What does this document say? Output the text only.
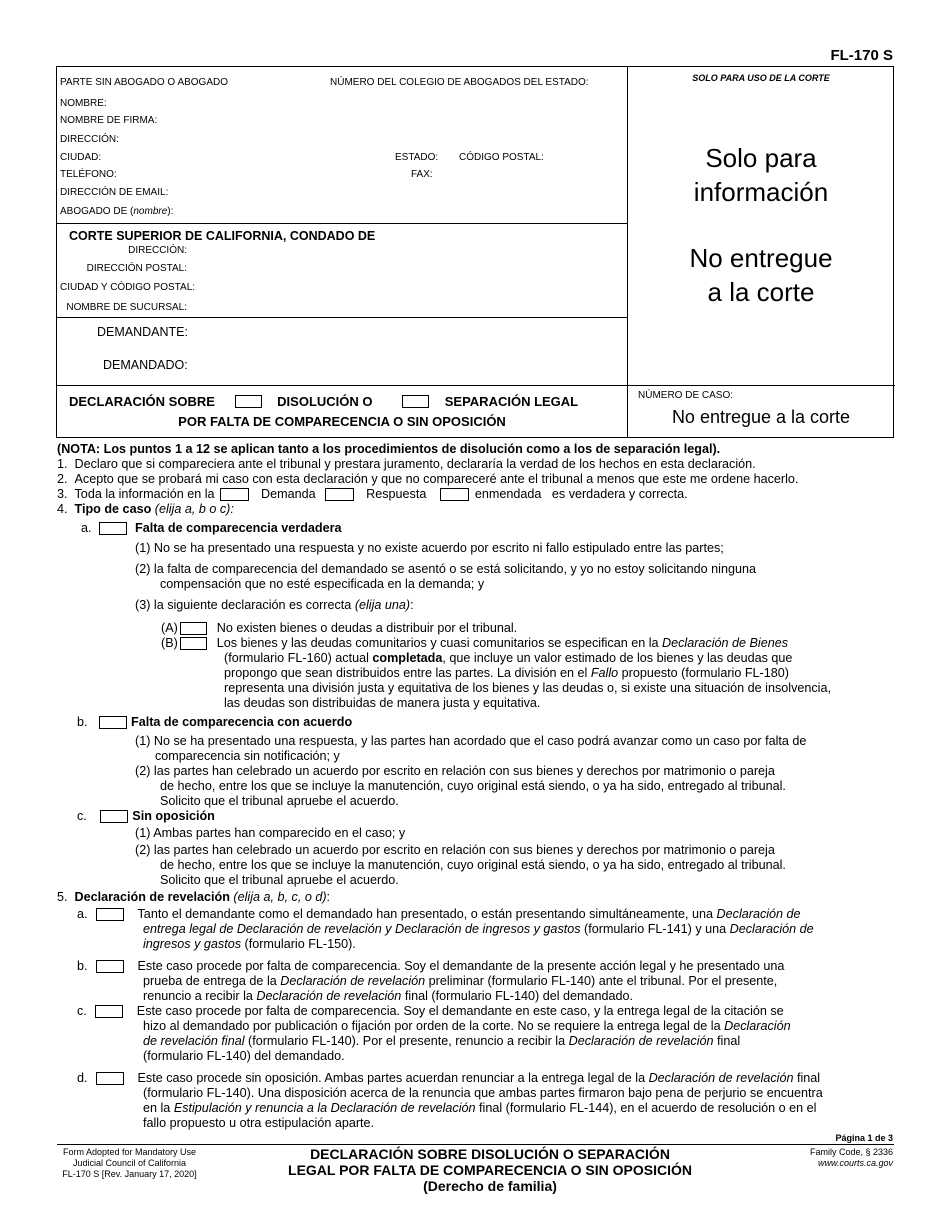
FL-170 S
PARTE SIN ABOGADO O ABOGADO	NÚMERO DEL COLEGIO DE ABOGADOS DEL ESTADO:	SOLO PARA USO DE LA CORTE
NOMBRE:
NOMBRE DE FIRMA:
DIRECCIÓN:
CIUDAD:	ESTADO: CÓDIGO POSTAL:
TELÉFONO:	FAX:
DIRECCIÓN DE EMAIL:
ABOGADO DE (nombre):
Solo para
información
No entregue
a la corte
CORTE SUPERIOR DE CALIFORNIA, CONDADO DE
DIRECCIÓN:
DIRECCIÓN POSTAL:
CIUDAD Y CÓDIGO POSTAL:
NOMBRE DE SUCURSAL:
DEMANDANTE:
DEMANDADO:
DECLARACIÓN SOBRE	DISOLUCIÓN O	SEPARACIÓN LEGAL
POR FALTA DE COMPARECENCIA O SIN OPOSICIÓN
NÚMERO DE CASO:
No entregue a la corte
(NOTA: Los puntos 1 a 12 se aplican tanto a los procedimientos de disolución como a los de separación legal).
1. Declaro que si compareciera ante el tribunal y prestara juramento, declararía la verdad de los hechos en esta declaración.
2. Acepto que se probará mi caso con esta declaración y que no compareceré ante el tribunal a menos que este me ordene hacerlo.
3. Toda la información en la	Demanda	Respuesta	enmendada es verdadera y correcta.
4. Tipo de caso (elija a, b o c):
a.	Falta de comparecencia verdadera
(1) No se ha presentado una respuesta y no existe acuerdo por escrito ni fallo estipulado entre las partes;
(2) la falta de comparecencia del demandado se asentó o se está solicitando, y yo no estoy solicitando ninguna
compensación que no esté especificada en la demanda; y
(3) la siguiente declaración es correcta (elija una):
(A)	No existen bienes o deudas a distribuir por el tribunal.
(B)	Los bienes y las deudas comunitarios y cuasi comunitarios se especifican en la Declaración de Bienes
(formulario FL-160) actual completada, que incluye un valor estimado de los bienes y las deudas que
propongo que sean distribuidos entre las partes. La división en el Fallo propuesto (formulario FL-180)
representa una división justa y equitativa de los bienes y las deudas o, si existe una situación de insolvencia,
las deudas son distribuidas de manera justa y equitativa.
b.	Falta de comparecencia con acuerdo
(1) No se ha presentado una respuesta, y las partes han acordado que el caso podrá avanzar como un caso por falta de
comparecencia sin notificación; y
(2) las partes han celebrado un acuerdo por escrito en relación con sus bienes y derechos por matrimonio o pareja
de hecho, entre los que se incluye la manutención, cuyo original está siendo, o ya ha sido, entregado al tribunal.
Solicito que el tribunal apruebe el acuerdo.
c.	Sin oposición
(1) Ambas partes han comparecido en el caso; y
(2) las partes han celebrado un acuerdo por escrito en relación con sus bienes y derechos por matrimonio o pareja
de hecho, entre los que se incluye la manutención, cuyo original está siendo, o ya ha sido, entregado al tribunal.
Solicito que el tribunal apruebe el acuerdo.
5. Declaración de revelación (elija a, b, c, o d):
a.	Tanto el demandante como el demandado han presentado, o están presentando simultáneamente, una Declaración de
entrega legal de Declaración de revelación y Declaración de ingresos y gastos (formulario FL-141) y una Declaración de
ingresos y gastos (formulario FL-150).
b.	Este caso procede por falta de comparecencia. Soy el demandante de la presente acción legal y he presentado una
prueba de entrega de la Declaración de revelación preliminar (formulario FL-140) ante el tribunal. Por el presente,
renuncio a recibir la Declaración de revelación final (formulario FL-140) del demandado.
c.	Este caso procede por falta de comparecencia. Soy el demandante en este caso, y la entrega legal de la citación se
hizo al demandado por publicación o fijación por orden de la corte. No se requiere la entrega legal de la Declaración
de revelación final (formulario FL-140). Por el presente, renuncio a recibir la Declaración de revelación final
(formulario FL-140) del demandado.
d.	Este caso procede sin oposición. Ambas partes acuerdan renunciar a la entrega legal de la Declaración de revelación final
(formulario FL-140). Una disposición acerca de la renuncia que ambas partes firmaron bajo pena de perjurio se encuentra
en la Estipulación y renuncia a la Declaración de revelación final (formulario FL-144), en el acuerdo de resolución o en el
fallo propuesto u otra estipulación aparte.
Página 1 de 3
Form Adopted for Mandatory Use
Judicial Council of California
FL-170 S [Rev. January 17, 2020]
DECLARACIÓN SOBRE DISOLUCIÓN O SEPARACIÓN
LEGAL POR FALTA DE COMPARECENCIA O SIN OPOSICIÓN
(Derecho de familia)
Family Code, § 2336
www.courts.ca.gov
